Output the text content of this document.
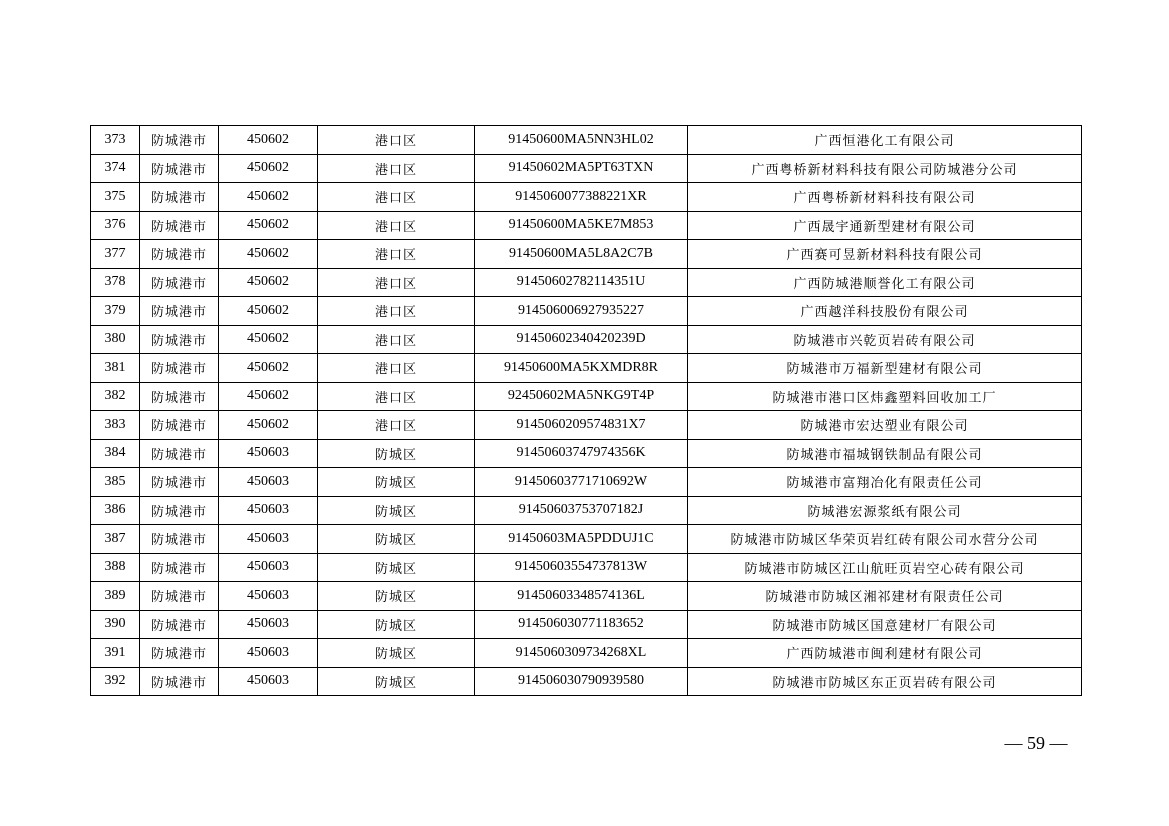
373	防城港市	450602	港口区	91450600MA5NN3HL02	广西恒港化工有限公司
374	防城港市	450602	港口区	91450602MA5PT63TXN	广西粤桥新材料科技有限公司防城港分公司
375	防城港市	450602	港口区	9145060077388221XR	广西粤桥新材料科技有限公司
376	防城港市	450602	港口区	91450600MA5KE7M853	广西晟宇通新型建材有限公司
377	防城港市	450602	港口区	91450600MA5L8A2C7B	广西赛可昱新材料科技有限公司
378	防城港市	450602	港口区	91450602782114351U	广西防城港顺誉化工有限公司
379	防城港市	450602	港口区	914506006927935227	广西越洋科技股份有限公司
380	防城港市	450602	港口区	91450602340420239D	防城港市兴乾页岩砖有限公司
381	防城港市	450602	港口区	91450600MA5KXMDR8R	防城港市万福新型建材有限公司
382	防城港市	450602	港口区	92450602MA5NKG9T4P	防城港市港口区炜鑫塑料回收加工厂
383	防城港市	450602	港口区	9145060209574831X7	防城港市宏达塑业有限公司
384	防城港市	450603	防城区	91450603747974356K	防城港市福城钢铁制品有限公司
385	防城港市	450603	防城区	91450603771710692W	防城港市富翔冶化有限责任公司
386	防城港市	450603	防城区	91450603753707182J	防城港宏源浆纸有限公司
387	防城港市	450603	防城区	91450603MA5PDDUJ1C	防城港市防城区华荣页岩红砖有限公司水营分公司
388	防城港市	450603	防城区	91450603554737813W	防城港市防城区江山航旺页岩空心砖有限公司
389	防城港市	450603	防城区	91450603348574136L	防城港市防城区湘祁建材有限责任公司
390	防城港市	450603	防城区	914506030771183652	防城港市防城区国意建材厂有限公司
391	防城港市	450603	防城区	9145060309734268XL	广西防城港市闽利建材有限公司
392	防城港市	450603	防城区	914506030790939580	防城港市防城区东正页岩砖有限公司
— 59 —
